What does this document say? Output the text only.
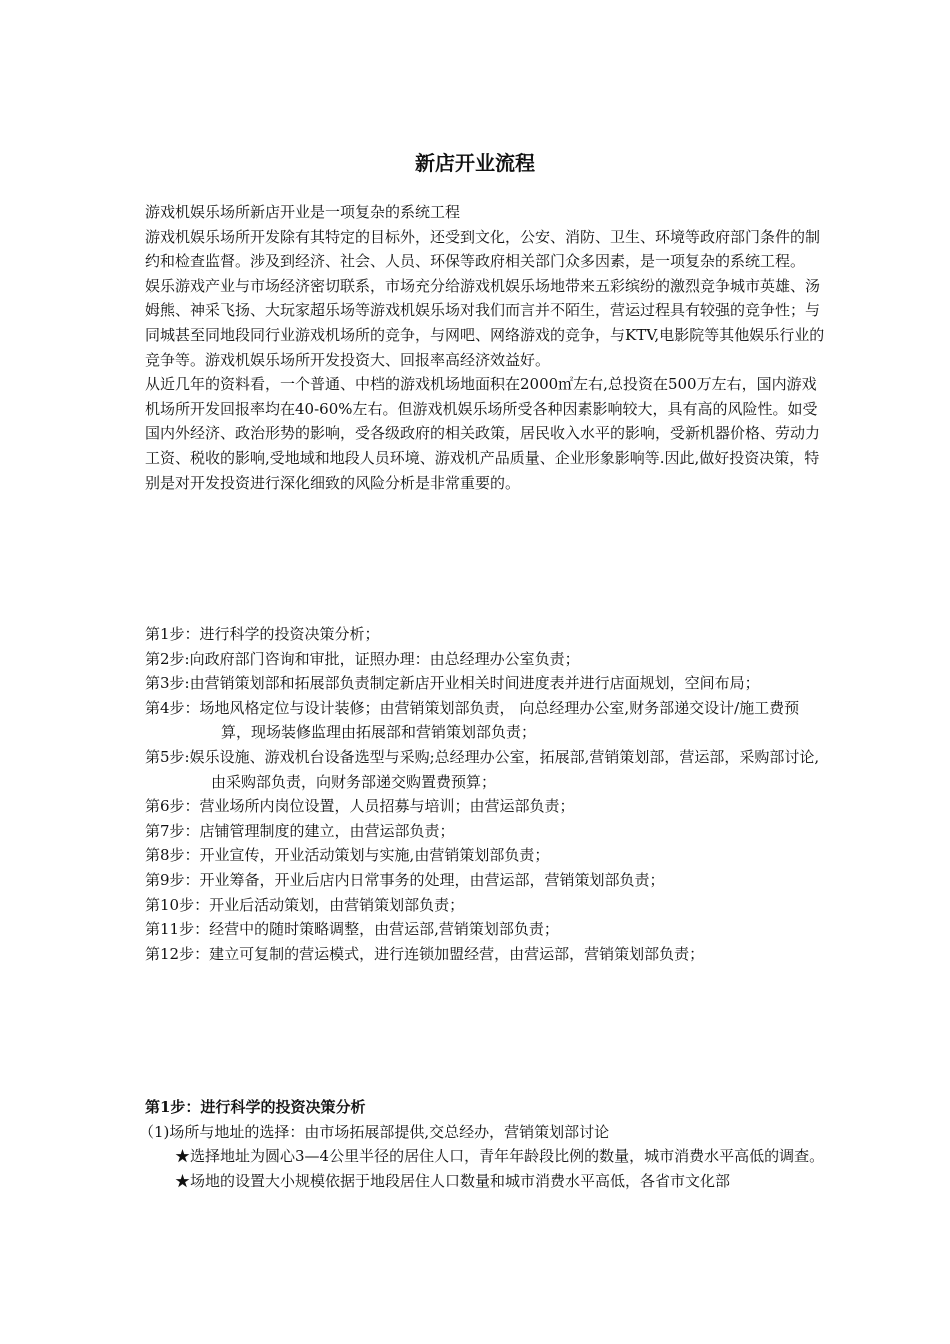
新店开业流程

游戏机娱乐场所新店开业是一项复杂的系统工程

游戏机娱乐场所开发除有其特定的目标外，还受到文化，公安、消防、卫生、环境等政府部门条件的制约和检查监督。涉及到经济、社会、人员、环保等政府相关部门众多因素，是一项复杂的系统工程。

娱乐游戏产业与市场经济密切联系，市场充分给游戏机娱乐场地带来五彩缤纷的激烈竞争城市英雄、汤姆熊、神采飞扬、大玩家超乐场等游戏机娱乐场对我们而言并不陌生，营运过程具有较强的竞争性；与同城甚至同地段同行业游戏机场所的竞争，与网吧、网络游戏的竞争，与KTV,电影院等其他娱乐行业的竞争等。游戏机娱乐场所开发投资大、回报率高经济效益好。

从近几年的资料看，一个普通、中档的游戏机场地面积在2000㎡左右,总投资在500万左右，国内游戏机场所开发回报率均在40-60%左右。但游戏机娱乐场所受各种因素影响较大，具有高的风险性。如受国内外经济、政治形势的影响，受各级政府的相关政策，居民收入水平的影响，受新机器价格、劳动力工资、税收的影响,受地域和地段人员环境、游戏机产品质量、企业形象影响等.因此,做好投资决策，特别是对开发投资进行深化细致的风险分析是非常重要的。

第1步：进行科学的投资决策分析；

第2步:向政府部门咨询和审批，证照办理：由总经理办公室负责；

第3步:由营销策划部和拓展部负责制定新店开业相关时间进度表并进行店面规划，空间布局；

第4步：场地风格定位与设计装修；由营销策划部负责， 向总经理办公室,财务部递交设计/施工费预算，现场装修监理由拓展部和营销策划部负责；

第5步:娱乐设施、游戏机台设备选型与采购;总经理办公室，拓展部,营销策划部，营运部，采购部讨论,由采购部负责，向财务部递交购置费预算；

第6步：营业场所内岗位设置，人员招募与培训；由营运部负责；

第7步：店铺管理制度的建立，由营运部负责；

第8步：开业宣传，开业活动策划与实施,由营销策划部负责；

第9步：开业筹备，开业后店内日常事务的处理，由营运部，营销策划部负责；

第10步：开业后活动策划，由营销策划部负责；

第11步：经营中的随时策略调整，由营运部,营销策划部负责；

第12步：建立可复制的营运模式，进行连锁加盟经营，由营运部，营销策划部负责；

第1步：进行科学的投资决策分析

（1)场所与地址的选择：由市场拓展部提供,交总经办，营销策划部讨论

★选择地址为圆心3—4公里半径的居住人口，青年年龄段比例的数量，城市消费水平高低的调查。

★场地的设置大小规模依据于地段居住人口数量和城市消费水平高低，各省市文化部
